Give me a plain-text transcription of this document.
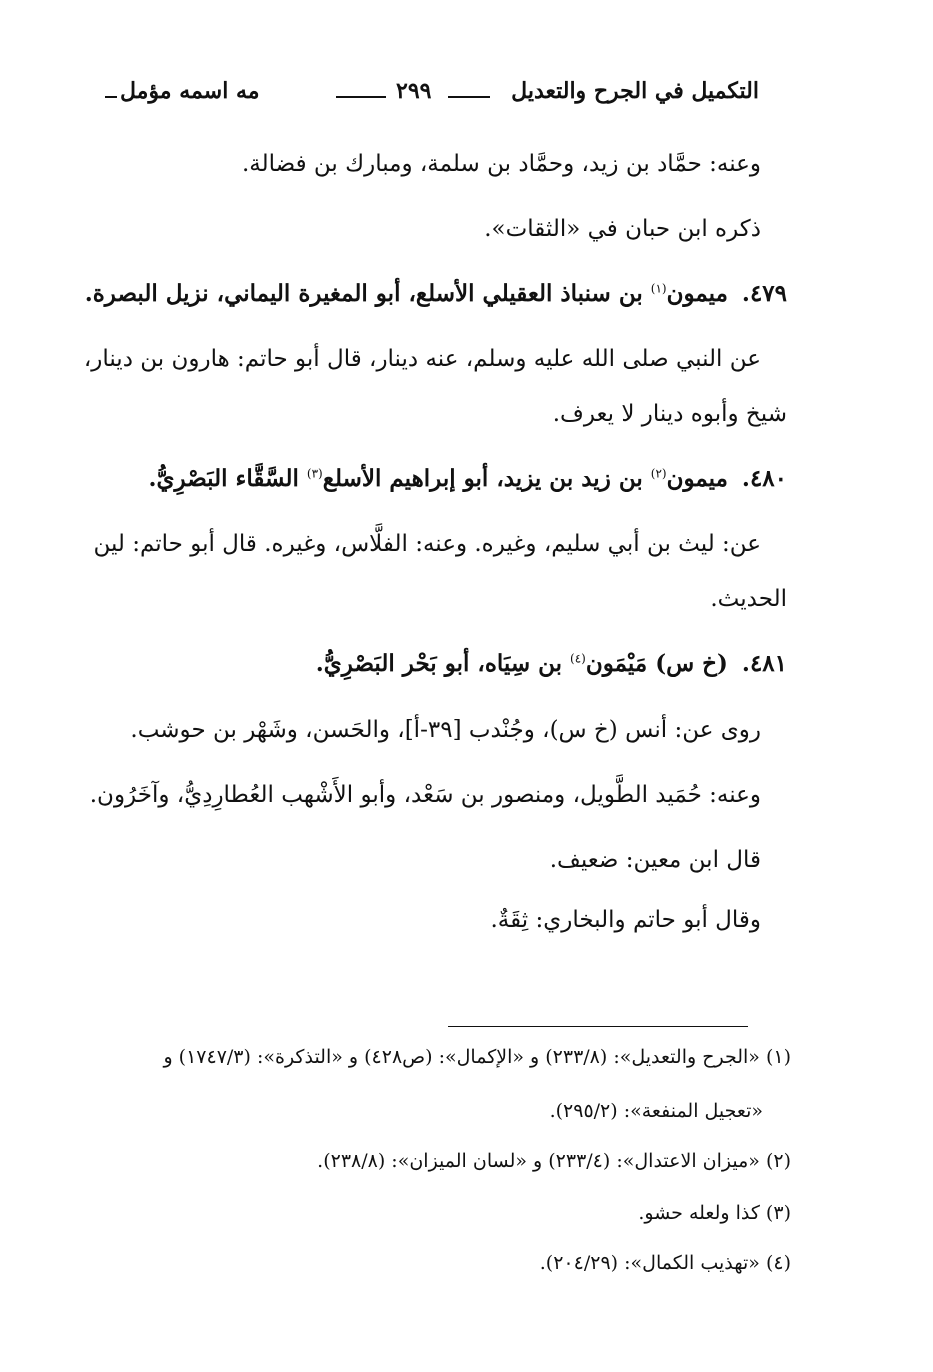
التكميل في الجرح والتعديل
٢٩٩
مه اسمه مؤمل
وعنه: حمَّاد بن زيد، وحمَّاد بن سلمة، ومبارك بن فضالة.
ذكره ابن حبان في «الثقات».
٤٧٩.ميمون$^{(١)}$ بن سنباذ العقيلي الأسلع، أبو المغيرة اليماني، نزيل البصرة.
عن النبي صلى الله عليه وسلم، عنه دينار، قال أبو حاتم: هارون بن دينار،
شيخ وأبوه دينار لا يعرف.
٤٨٠.ميمون$^{(٢)}$ بن زيد بن يزيد، أبو إبراهيم الأسلع$^{(٣)}$ السَّقَّاء البَصْرِيُّ.
عن: ليث بن أبي سليم، وغيره. وعنه: الفلَّاس، وغيره. قال أبو حاتم: لين
الحديث.
٤٨١.(خ س) مَيْمَون$^{(٤)}$ بن سِيَاه، أبو بَحْر البَصْرِيُّ.
روى عن: أنس (خ س)، وجُنْدب [٣٩-أ]، والحَسن، وشَهْر بن حوشب.
وعنه: حُمَيد الطَّويل، ومنصور بن سَعْد، وأبو الأَشْهب العُطارِدِيُّ، وآخَرُون.
قال ابن معين: ضعيف.
وقال أبو حاتم والبخاري: ثِقَةٌ.
(١) «الجرح والتعديل»: (٢٣٣/٨) و «الإكمال»: (ص٤٢٨) و «التذكرة»: (١٧٤٧/٣) و
«تعجيل المنفعة»: (٢٩٥/٢).
(٢) «ميزان الاعتدال»: (٢٣٣/٤) و «لسان الميزان»: (٢٣٨/٨).
(٣) كذا ولعله حشو.
(٤) «تهذيب الكمال»: (٢٠٤/٢٩).
